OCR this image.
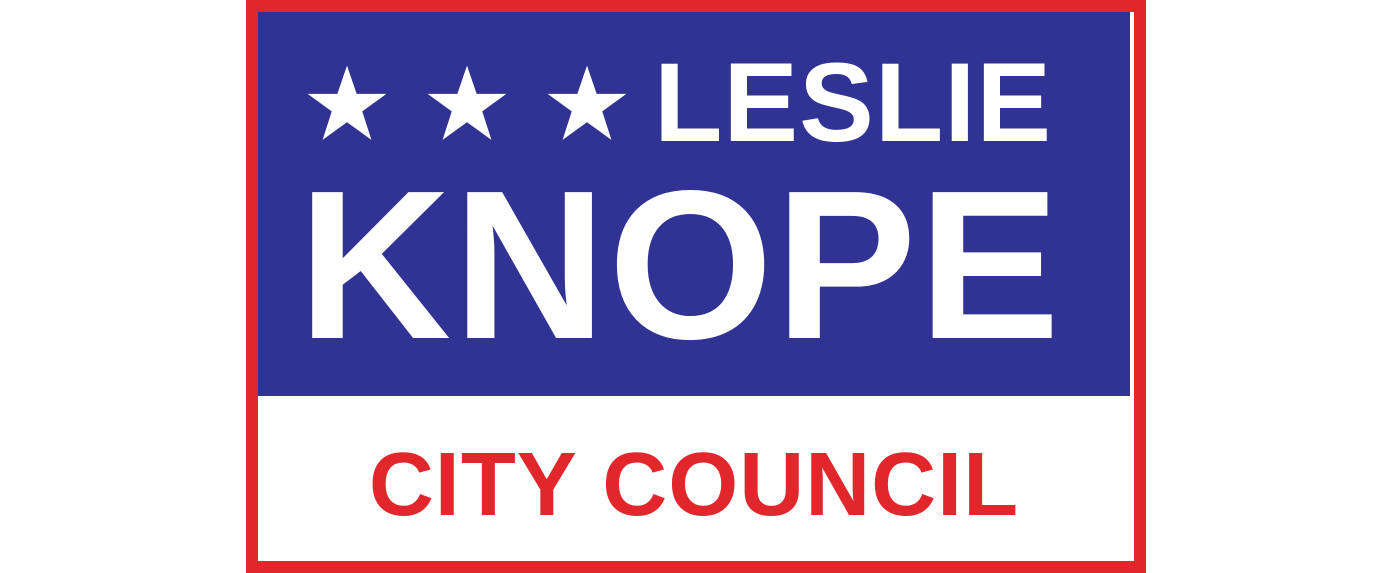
LESLIE
KNOPE
CITY COUNCIL
